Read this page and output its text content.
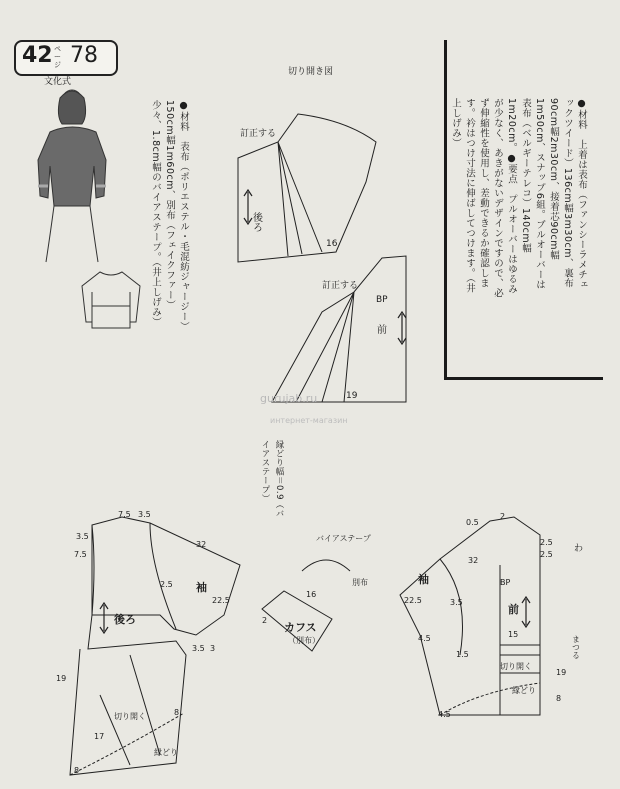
42 ページ 78
文化式
●材料　表布（ポリエステル・毛混紡ジャージー）150cm幅1m60cm、別布（フェイクファー）少々、1.8cm幅のバイアステープ。（井上しげみ）	●材料　上着は表布（ファンシーラメチェックツイード）136cm幅3m30cm、裏布90cm幅2m30cm、接着芯90cm幅1m50cm、スナップ6組。ブルオーバーは表布（ベルギーテレコ）140cm幅1m20cm。●要点　プルオーバーはゆるみが少なく、あきがないデザインですので、必ず伸縮性を使用し、差動できるか確認します。衿はつけ寸法に伸ばしてつけます。（井上しげみ）
切り開き図
訂正する
後ろ
16
訂正する
BP
前
19
gurujab.ru
интернет-магазин
縁どり幅＝0.9（バイアステープ）
7.5 3.5
3.5
7.5
32
袖
2.5
22.5
後ろ
3.5 3
19
17
8
8
切り開く
縁どり
カフス
（別布）
16
2
バイアステープ
別布
0.5
2
32
2.5
2.5
わ
袖	BP
前
3.5
22.5
15
4.5
1.5
切り開く
縁どり
19
まつる
4.5
8
